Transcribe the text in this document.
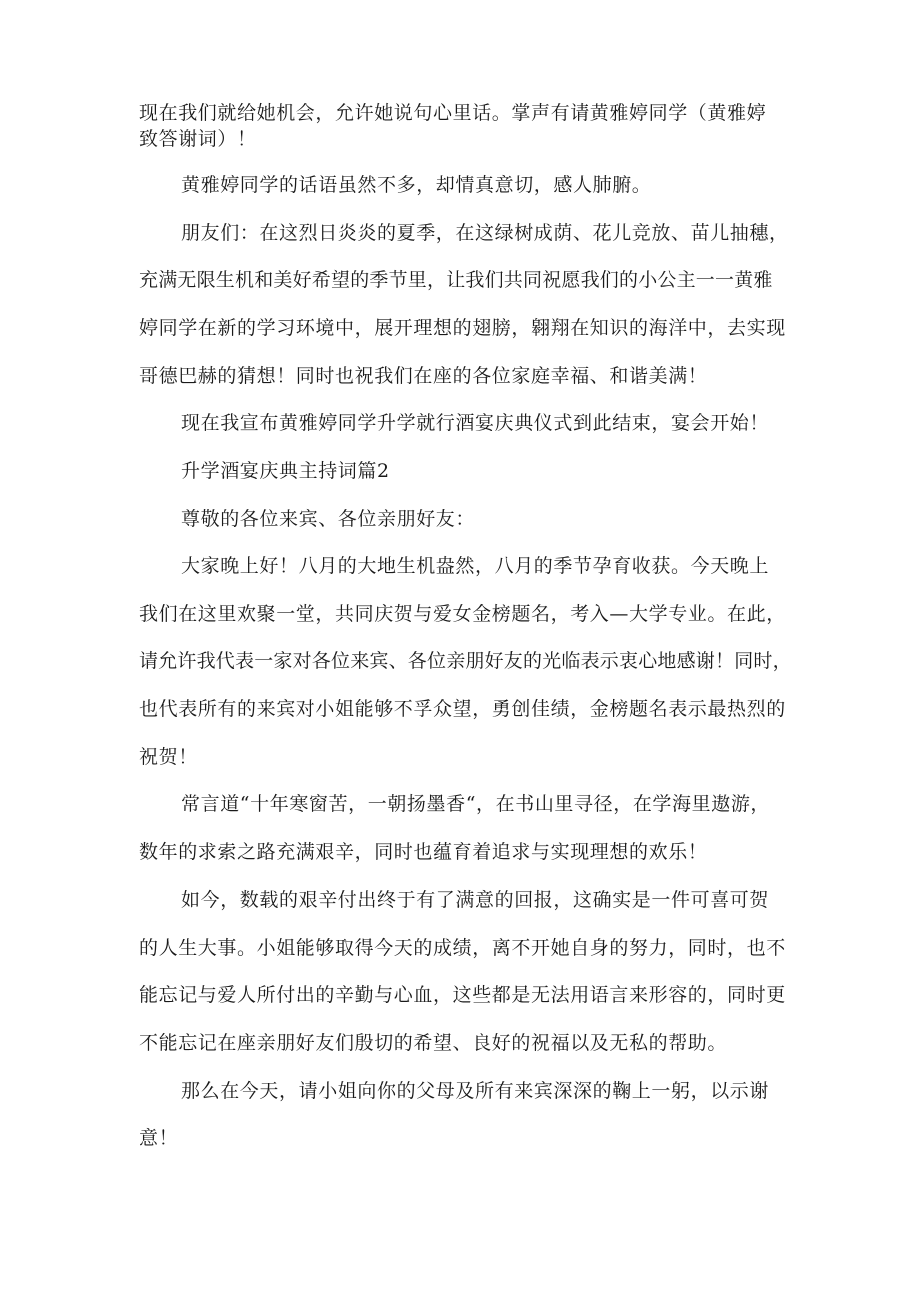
现在我们就给她机会，允许她说句心里话。掌声有请黄雅婷同学（黄雅婷
致答谢词）！
黄雅婷同学的话语虽然不多，却情真意切，感人肺腑。
朋友们：在这烈日炎炎的夏季，在这绿树成荫、花儿竞放、苗儿抽穗，
充满无限生机和美好希望的季节里，让我们共同祝愿我们的小公主一一黄雅
婷同学在新的学习环境中，展开理想的翅膀，翱翔在知识的海洋中，去实现
哥德巴赫的猜想！同时也祝我们在座的各位家庭幸福、和谐美满！
现在我宣布黄雅婷同学升学就行酒宴庆典仪式到此结束，宴会开始！
升学酒宴庆典主持词篇2
尊敬的各位来宾、各位亲朋好友：
大家晚上好！八月的大地生机盎然，八月的季节孕育收获。今天晚上
我们在这里欢聚一堂，共同庆贺与爱女金榜题名，考入—大学专业。在此，
请允许我代表一家对各位来宾、各位亲朋好友的光临表示衷心地感谢！同时，
也代表所有的来宾对小姐能够不孚众望，勇创佳绩，金榜题名表示最热烈的
祝贺！
常言道“十年寒窗苦，一朝扬墨香“，在书山里寻径，在学海里遨游，
数年的求索之路充满艰辛，同时也蕴育着追求与实现理想的欢乐！
如今，数载的艰辛付出终于有了满意的回报，这确实是一件可喜可贺
的人生大事。小姐能够取得今天的成绩，离不开她自身的努力，同时，也不
能忘记与爱人所付出的辛勤与心血，这些都是无法用语言来形容的，同时更
不能忘记在座亲朋好友们殷切的希望、良好的祝福以及无私的帮助。
那么在今天，请小姐向你的父母及所有来宾深深的鞠上一躬，以示谢
意！
